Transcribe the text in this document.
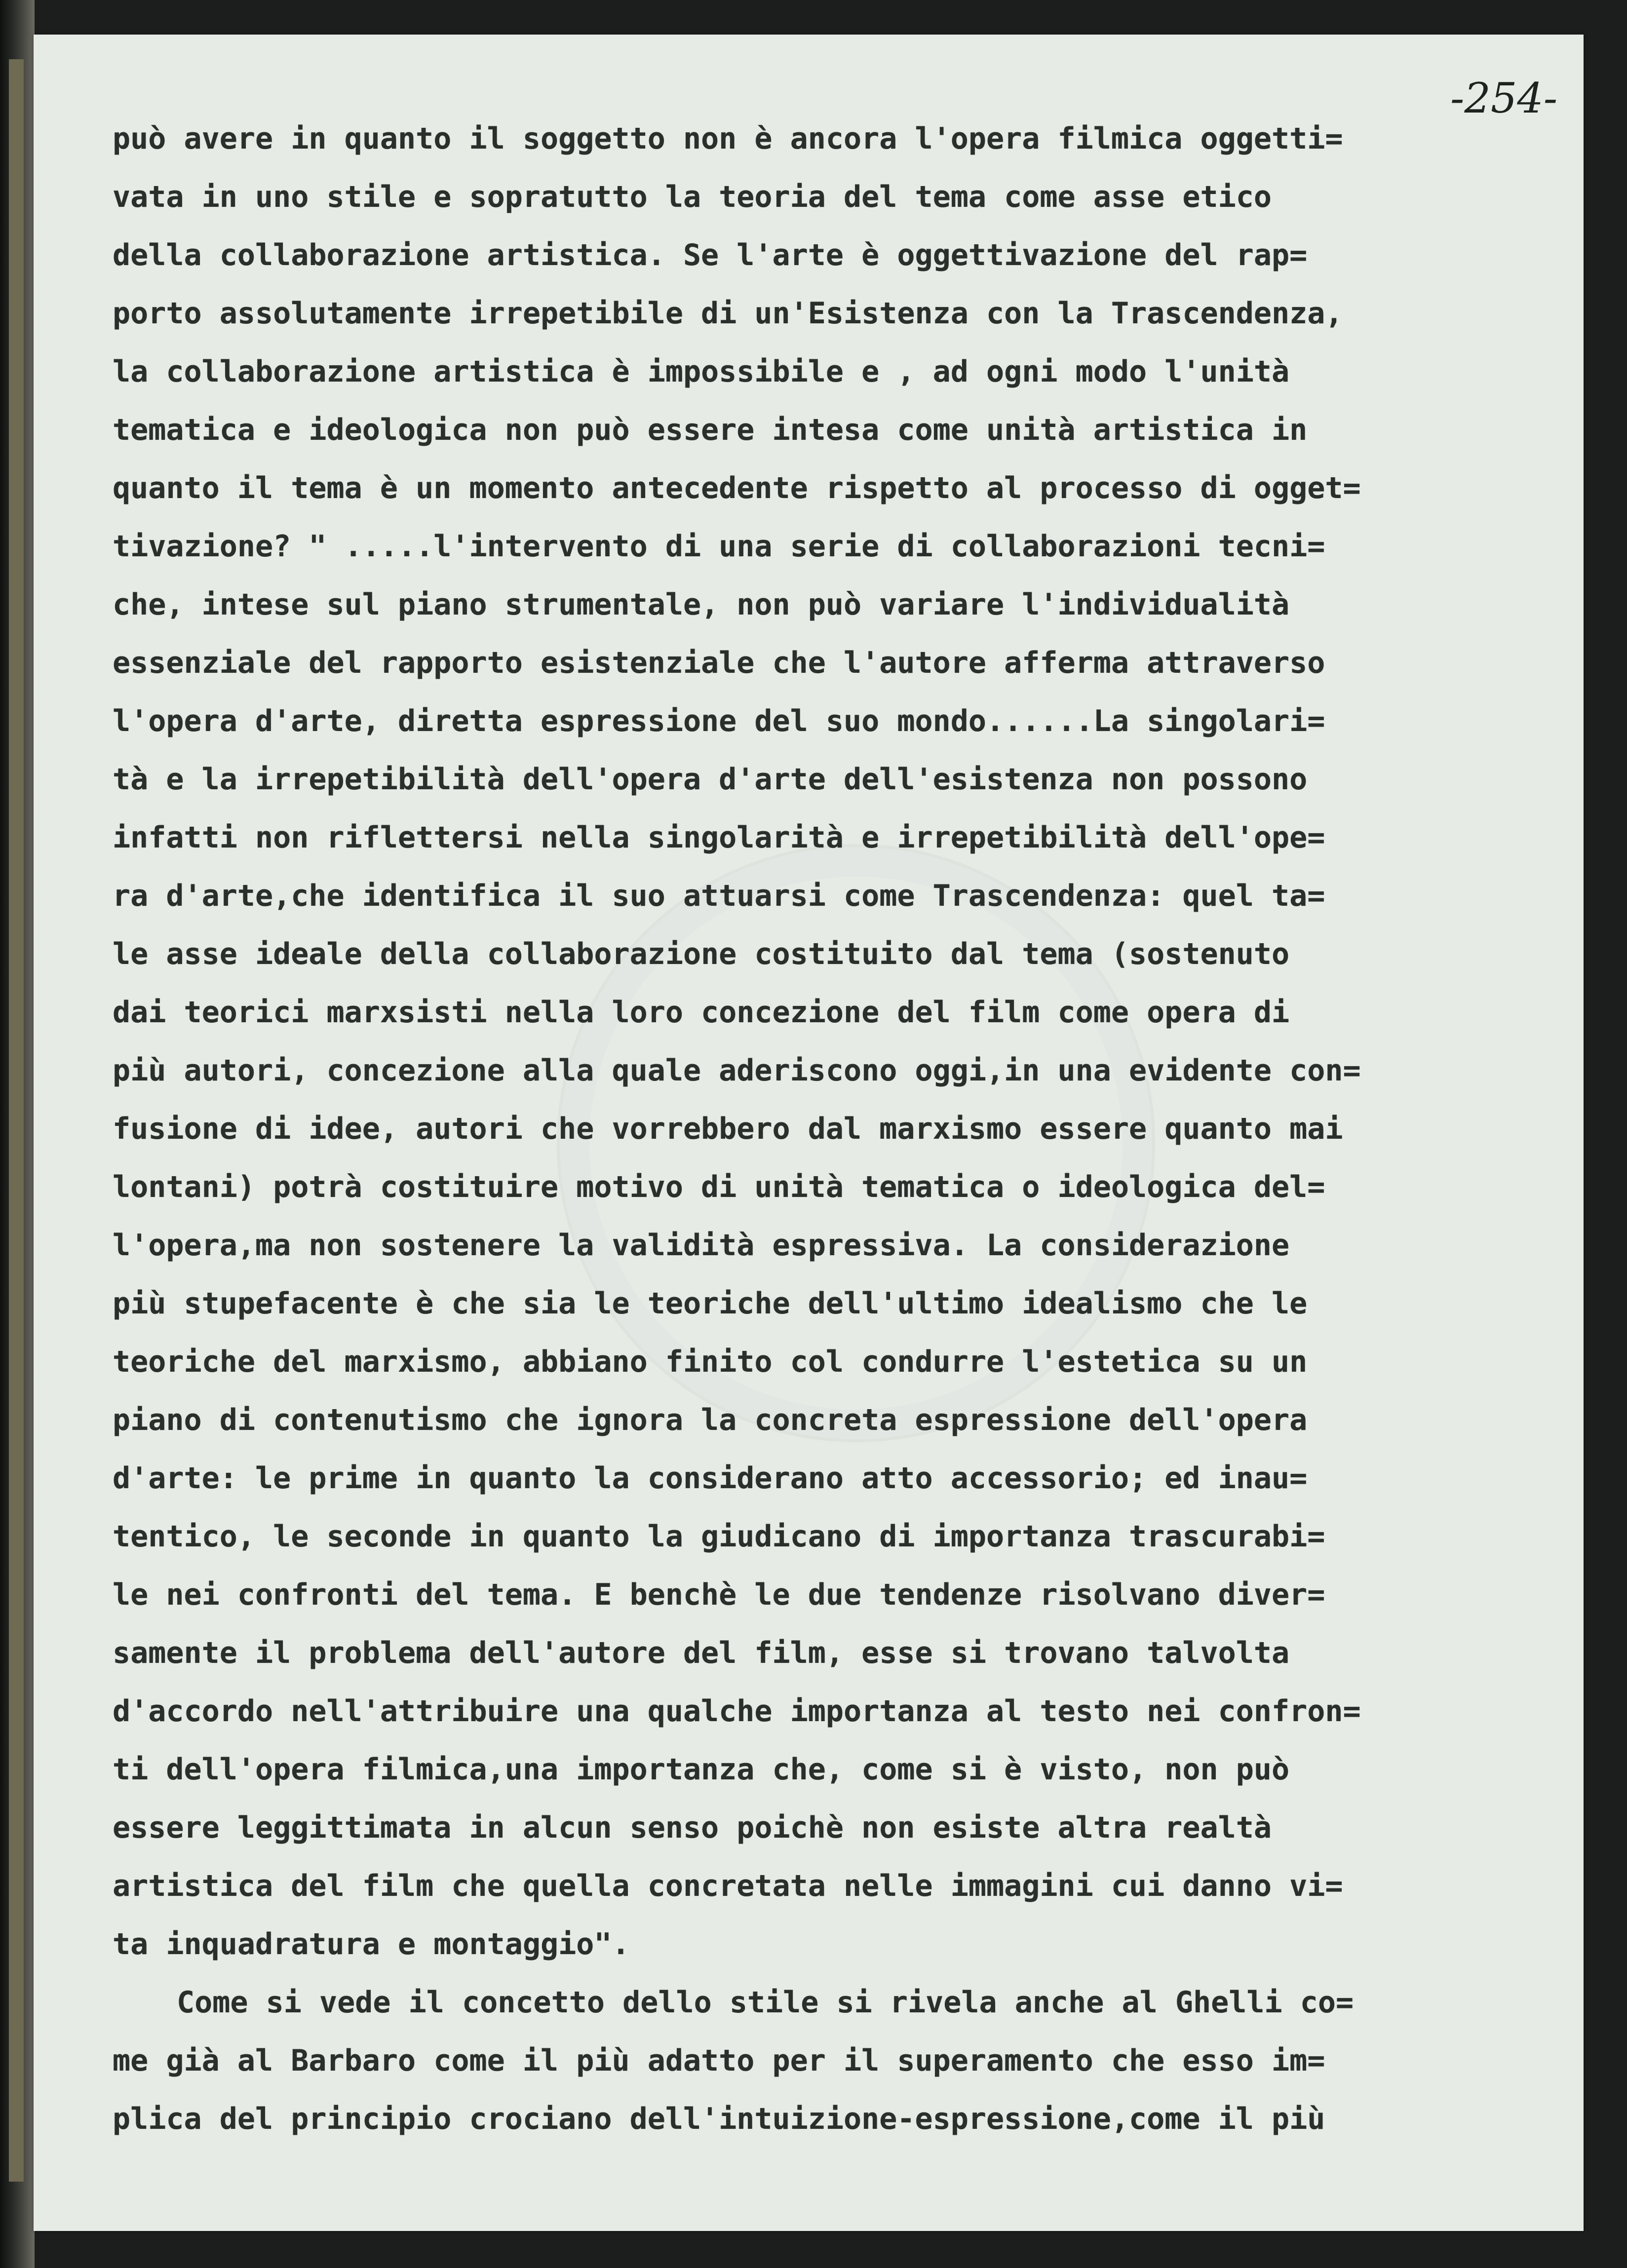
-254-

può avere in quanto il soggetto non è ancora l'opera filmica oggetti=
vata in uno stile e sopratutto la teoria del tema come asse etico
della collaborazione artistica. Se l'arte è oggettivazione del rap=
porto assolutamente irrepetibile di un'Esistenza con la Trascendenza,
la collaborazione artistica è impossibile e , ad ogni modo l'unità
tematica e ideologica non può essere intesa come unità artistica in
quanto il tema è un momento antecedente rispetto al processo di ogget=
tivazione? " .....l'intervento di una serie di collaborazioni tecni=
che, intese sul piano strumentale, non può variare l'individualità
essenziale del rapporto esistenziale che l'autore afferma attraverso
l'opera d'arte, diretta espressione del suo mondo......La singolari=
tà e la irrepetibilità dell'opera d'arte dell'esistenza non possono
infatti non riflettersi nella singolarità e irrepetibilità dell'ope=
ra d'arte,che identifica il suo attuarsi come Trascendenza: quel ta=
le asse ideale della collaborazione costituito dal tema (sostenuto
dai teorici marxsisti nella loro concezione del film come opera di
più autori, concezione alla quale aderiscono oggi,in una evidente con=
fusione di idee, autori che vorrebbero dal marxismo essere quanto mai
lontani) potrà costituire motivo di unità tematica o ideologica del=
l'opera,ma non sostenere la validità espressiva. La considerazione
più stupefacente è che sia le teoriche dell'ultimo idealismo che le
teoriche del marxismo, abbiano finito col condurre l'estetica su un
piano di contenutismo che ignora la concreta espressione dell'opera
d'arte: le prime in quanto la considerano atto accessorio; ed inau=
tentico, le seconde in quanto la giudicano di importanza trascurabi=
le nei confronti del tema. E benchè le due tendenze risolvano diver=
samente il problema dell'autore del film, esse si trovano talvolta
d'accordo nell'attribuire una qualche importanza al testo nei confron=
ti dell'opera filmica,una importanza che, come si è visto, non può
essere leggittimata in alcun senso poichè non esiste altra realtà
artistica del film che quella concretata nelle immagini cui danno vi=
ta inquadratura e montaggio".
Come si vede il concetto dello stile si rivela anche al Ghelli co=
me già al Barbaro come il più adatto per il superamento che esso im=
plica del principio crociano dell'intuizione-espressione,come il più
